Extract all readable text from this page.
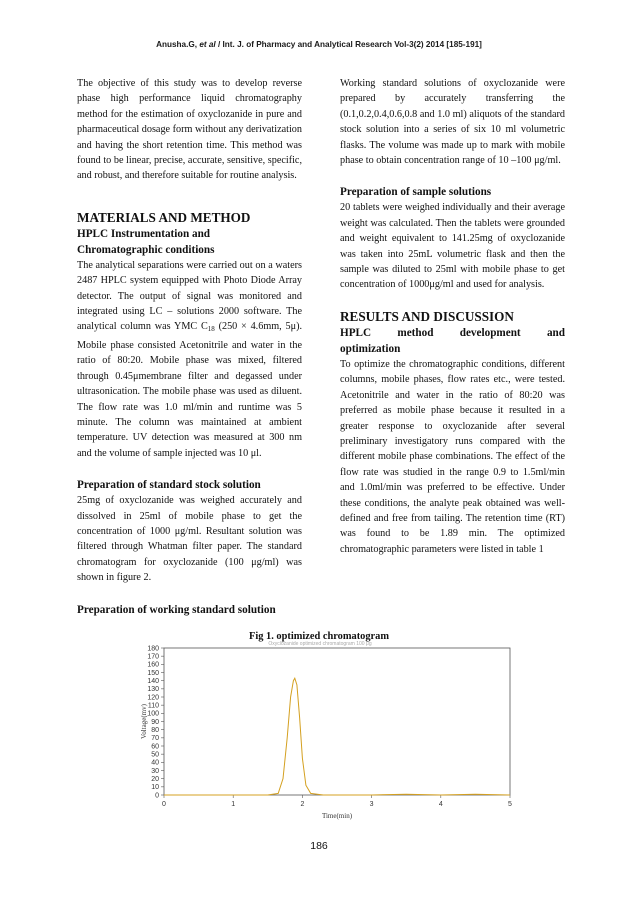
Anusha.G, et al / Int. J. of Pharmacy and Analytical Research Vol-3(2) 2014 [185-191]

The objective of this study was to develop reverse phase high performance liquid chromatography method for the estimation of oxyclozanide in pure and pharmaceutical dosage form without any derivatization and having the short retention time. This method was found to be linear, precise, accurate, sensitive, specific, and robust, and therefore suitable for routine analysis.

MATERIALS AND METHOD
HPLC Instrumentation and
Chromatographic conditions

The analytical separations were carried out on a waters 2487 HPLC system equipped with Photo Diode Array detector. The output of signal was monitored and integrated using LC – solutions 2000 software. The analytical column was YMC C18 (250 × 4.6mm, 5μ). Mobile phase consisted Acetonitrile and water in the ratio of 80:20. Mobile phase was mixed, filtered through 0.45μmembrane filter and degassed under ultrasonication. The mobile phase was used as diluent. The flow rate was 1.0 ml/min and runtime was 5 minute. The column was maintained at ambient temperature. UV detection was measured at 300 nm and the volume of sample injected was 10 μl.

Preparation of standard stock solution

25mg of oxyclozanide was weighed accurately and dissolved in 25ml of mobile phase to get the concentration of 1000 μg/ml. Resultant solution was filtered through Whatman filter paper. The standard chromatogram for oxyclozanide (100 μg/ml) was shown in figure 2.

Preparation of working standard solution

Working standard solutions of oxyclozanide were prepared by accurately transferring the (0.1,0.2,0.4,0.6,0.8 and 1.0 ml) aliquots of the standard stock solution into a series of six 10 ml volumetric flasks. The volume was made up to mark with mobile phase to obtain concentration range of 10 –100 μg/ml.

Preparation of sample solutions

20 tablets were weighed individually and their average weight was calculated. Then the tablets were grounded and weight equivalent to 141.25mg of oxyclozanide was taken into 25mL volumetric flask and then the sample was diluted to 25ml with mobile phase to get concentration of 1000μg/ml and used for analysis.

RESULTS AND DISCUSSION
HPLC method development and
optimization

To optimize the chromatographic conditions, different columns, mobile phases, flow rates etc., were tested. Acetonitrile and water in the ratio of 80:20 was preferred as mobile phase because it resulted in a greater response to oxyclozanide after several preliminary investigatory runs compared with the different mobile phase combinations. The effect of the flow rate was studied in the range 0.9 to 1.5ml/min and 1.0ml/min was preferred to be effective. Under these conditions, the analyte peak obtained was well-defined and free from tailing. The retention time (RT) was found to be 1.89 min. The optimized chromatographic parameters were listed in table 1

Fig 1. optimized chromatogram
Oxyclozanide optimized chromatogram 100 μg
0
10
20
30
40
50
60
70
80
90
100
110
120
130
140
150
160
170
180
0	1	2	3	4	5
Time(min)
Voltage(mv)
186
